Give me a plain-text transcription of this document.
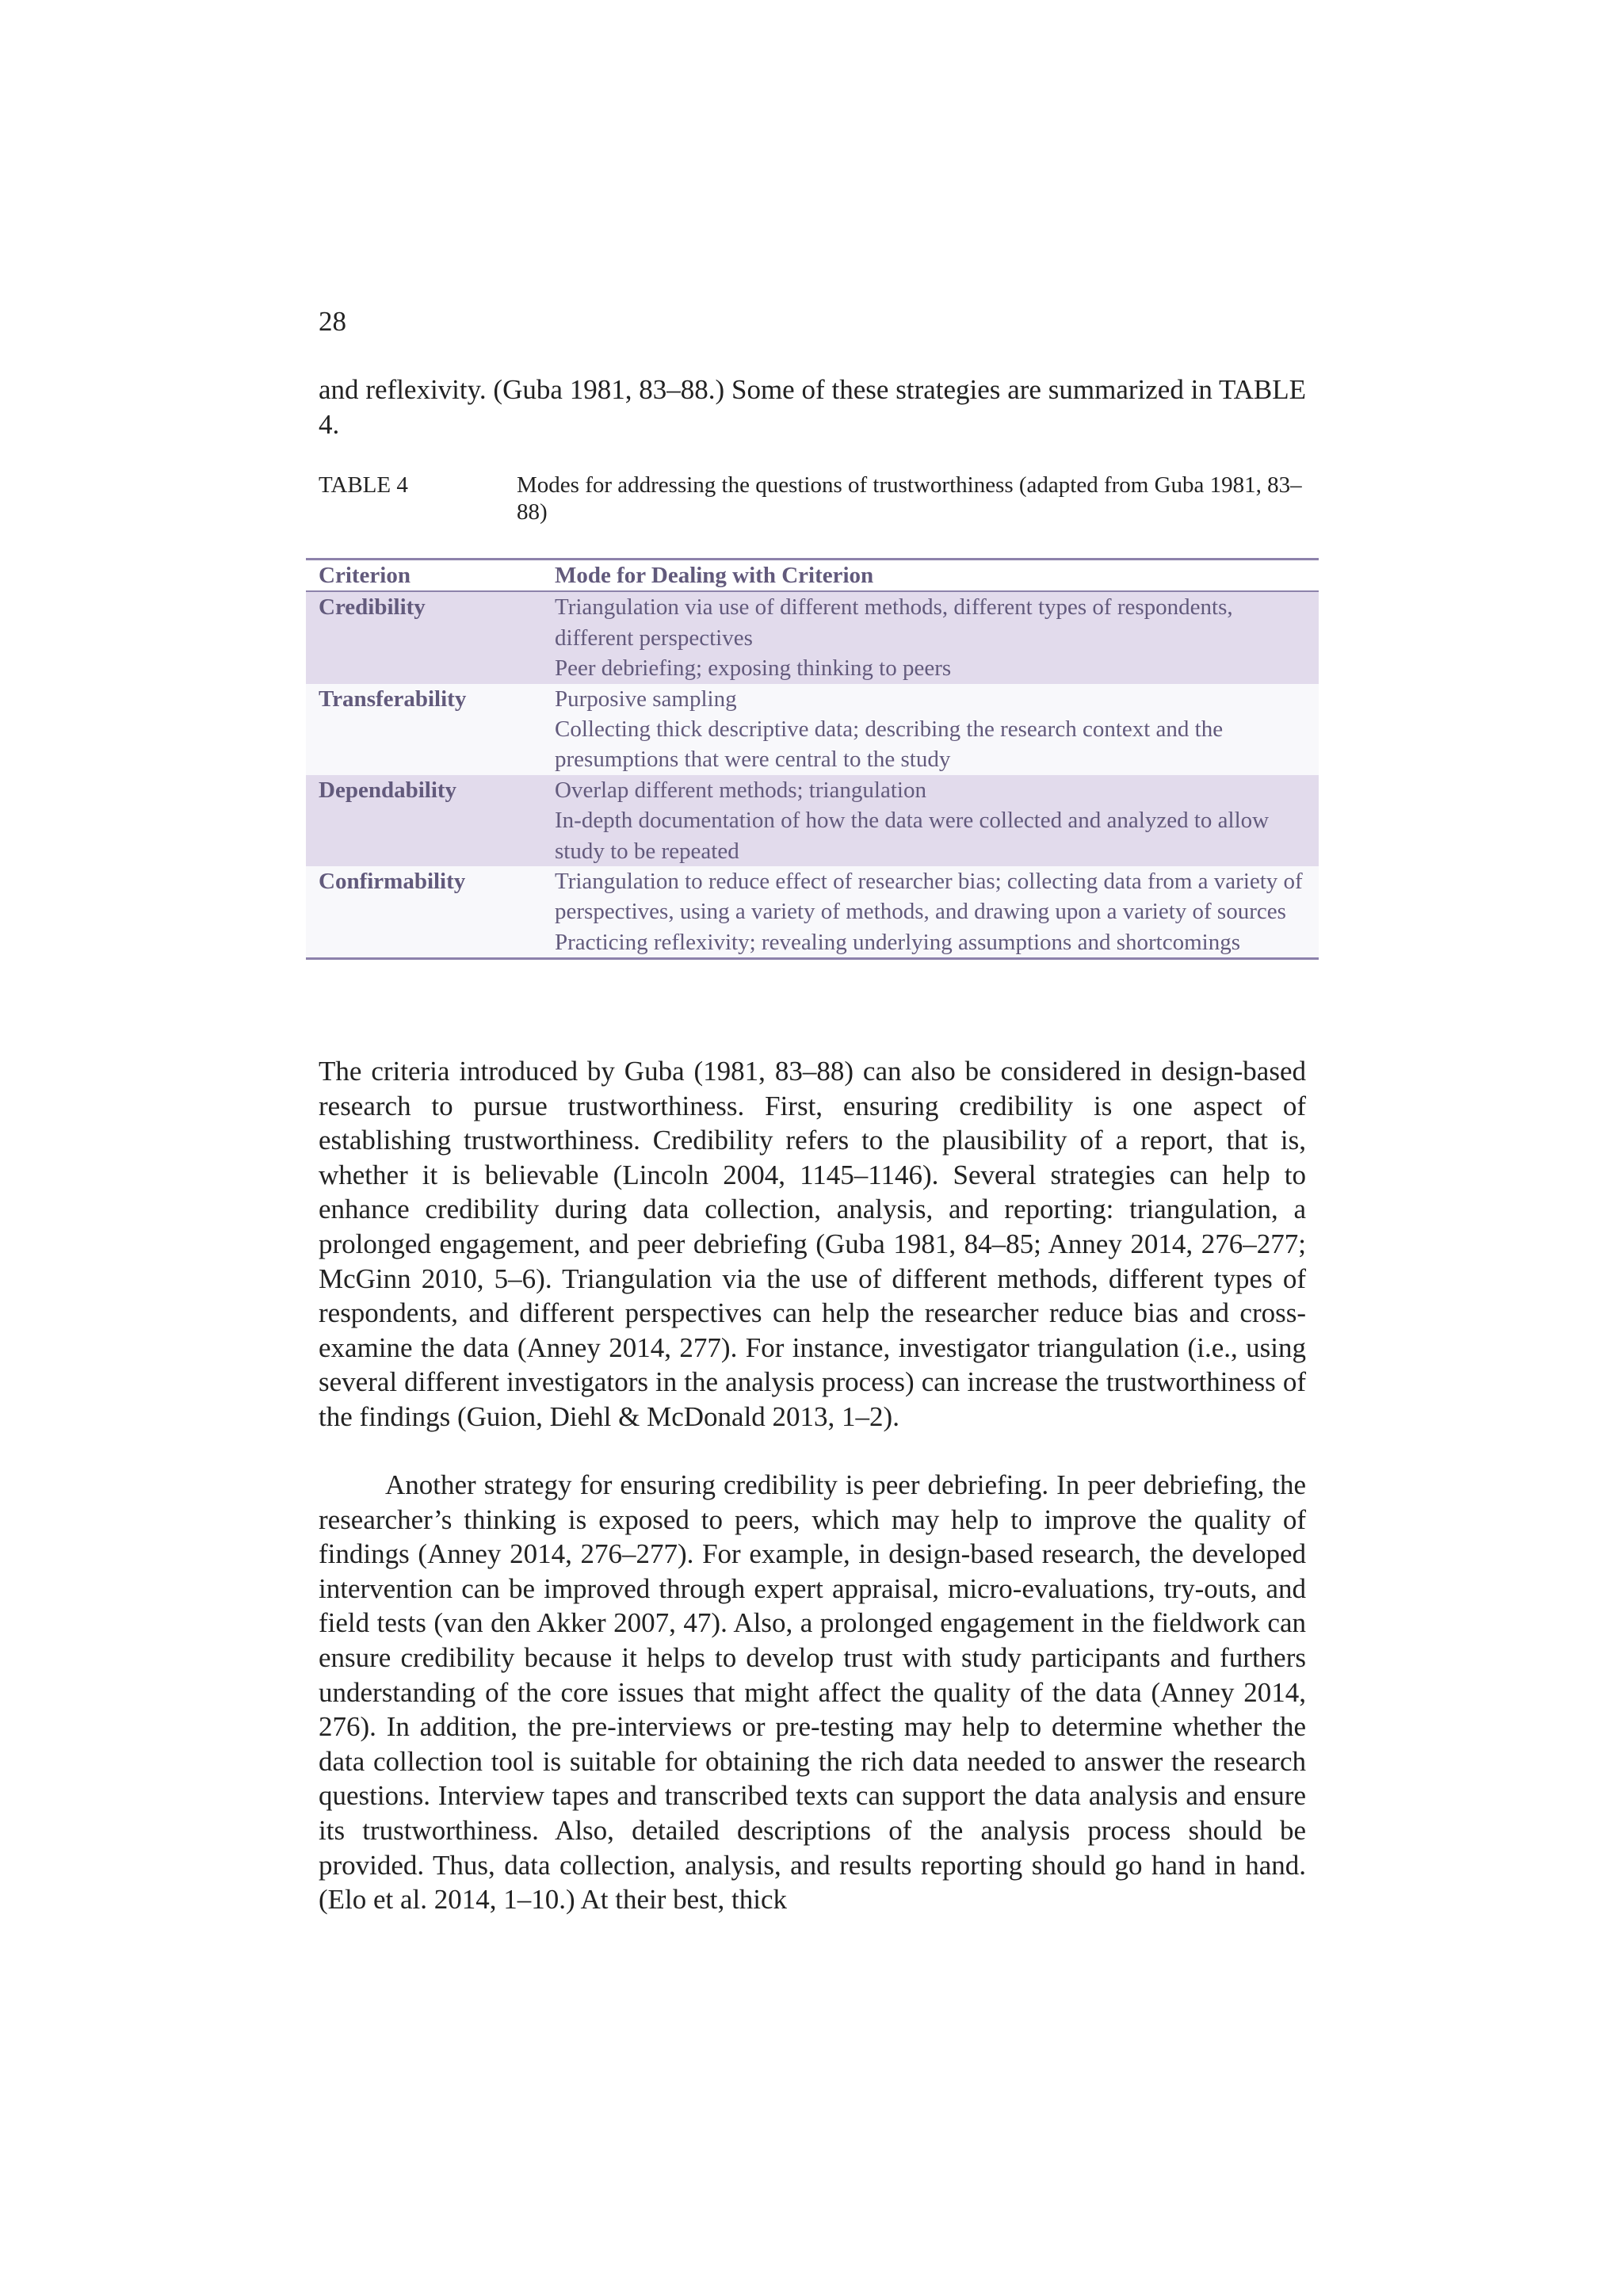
28
and reflexivity. (Guba 1981, 83–88.) Some of these strategies are summarized in TABLE 4.
TABLE 4	Modes for addressing the questions of trustworthiness (adapted from Guba 1981, 83–88)
Criterion	Mode for Dealing with Criterion
Credibility	Triangulation via use of different methods, different types of respondents, different perspectives
Peer debriefing; exposing thinking to peers
Transferability	Purposive sampling
Collecting thick descriptive data; describing the research context and the presumptions that were central to the study
Dependability	Overlap different methods; triangulation
In-depth documentation of how the data were collected and analyzed to allow study to be repeated
Confirmability	Triangulation to reduce effect of researcher bias; collecting data from a variety of perspectives, using a variety of methods, and drawing upon a variety of sources
Practicing reflexivity; revealing underlying assumptions and shortcomings
The criteria introduced by Guba (1981, 83–88) can also be considered in design-based research to pursue trustworthiness. First, ensuring credibility is one aspect of establishing trustworthiness. Credibility refers to the plausibility of a report, that is, whether it is believable (Lincoln 2004, 1145–1146). Several strategies can help to enhance credibility during data collection, analysis, and reporting: triangulation, a prolonged engagement, and peer debriefing (Guba 1981, 84–85; Anney 2014, 276–277; McGinn 2010, 5–6). Triangulation via the use of different methods, different types of respondents, and different perspectives can help the researcher reduce bias and cross-examine the data (Anney 2014, 277). For instance, investigator triangulation (i.e., using several different investigators in the analysis process) can increase the trustworthiness of the findings (Guion, Diehl & McDonald 2013, 1–2).
Another strategy for ensuring credibility is peer debriefing. In peer debriefing, the researcher’s thinking is exposed to peers, which may help to improve the quality of findings (Anney 2014, 276–277). For example, in design-based research, the developed intervention can be improved through expert appraisal, micro-evaluations, try-outs, and field tests (van den Akker 2007, 47). Also, a prolonged engagement in the fieldwork can ensure credibility because it helps to develop trust with study participants and furthers understanding of the core issues that might affect the quality of the data (Anney 2014, 276). In addition, the pre-interviews or pre-testing may help to determine whether the data collection tool is suitable for obtaining the rich data needed to answer the research questions. Interview tapes and transcribed texts can support the data analysis and ensure its trustworthiness. Also, detailed descriptions of the analysis process should be provided. Thus, data collection, analysis, and results reporting should go hand in hand. (Elo et al. 2014, 1–10.) At their best, thick
